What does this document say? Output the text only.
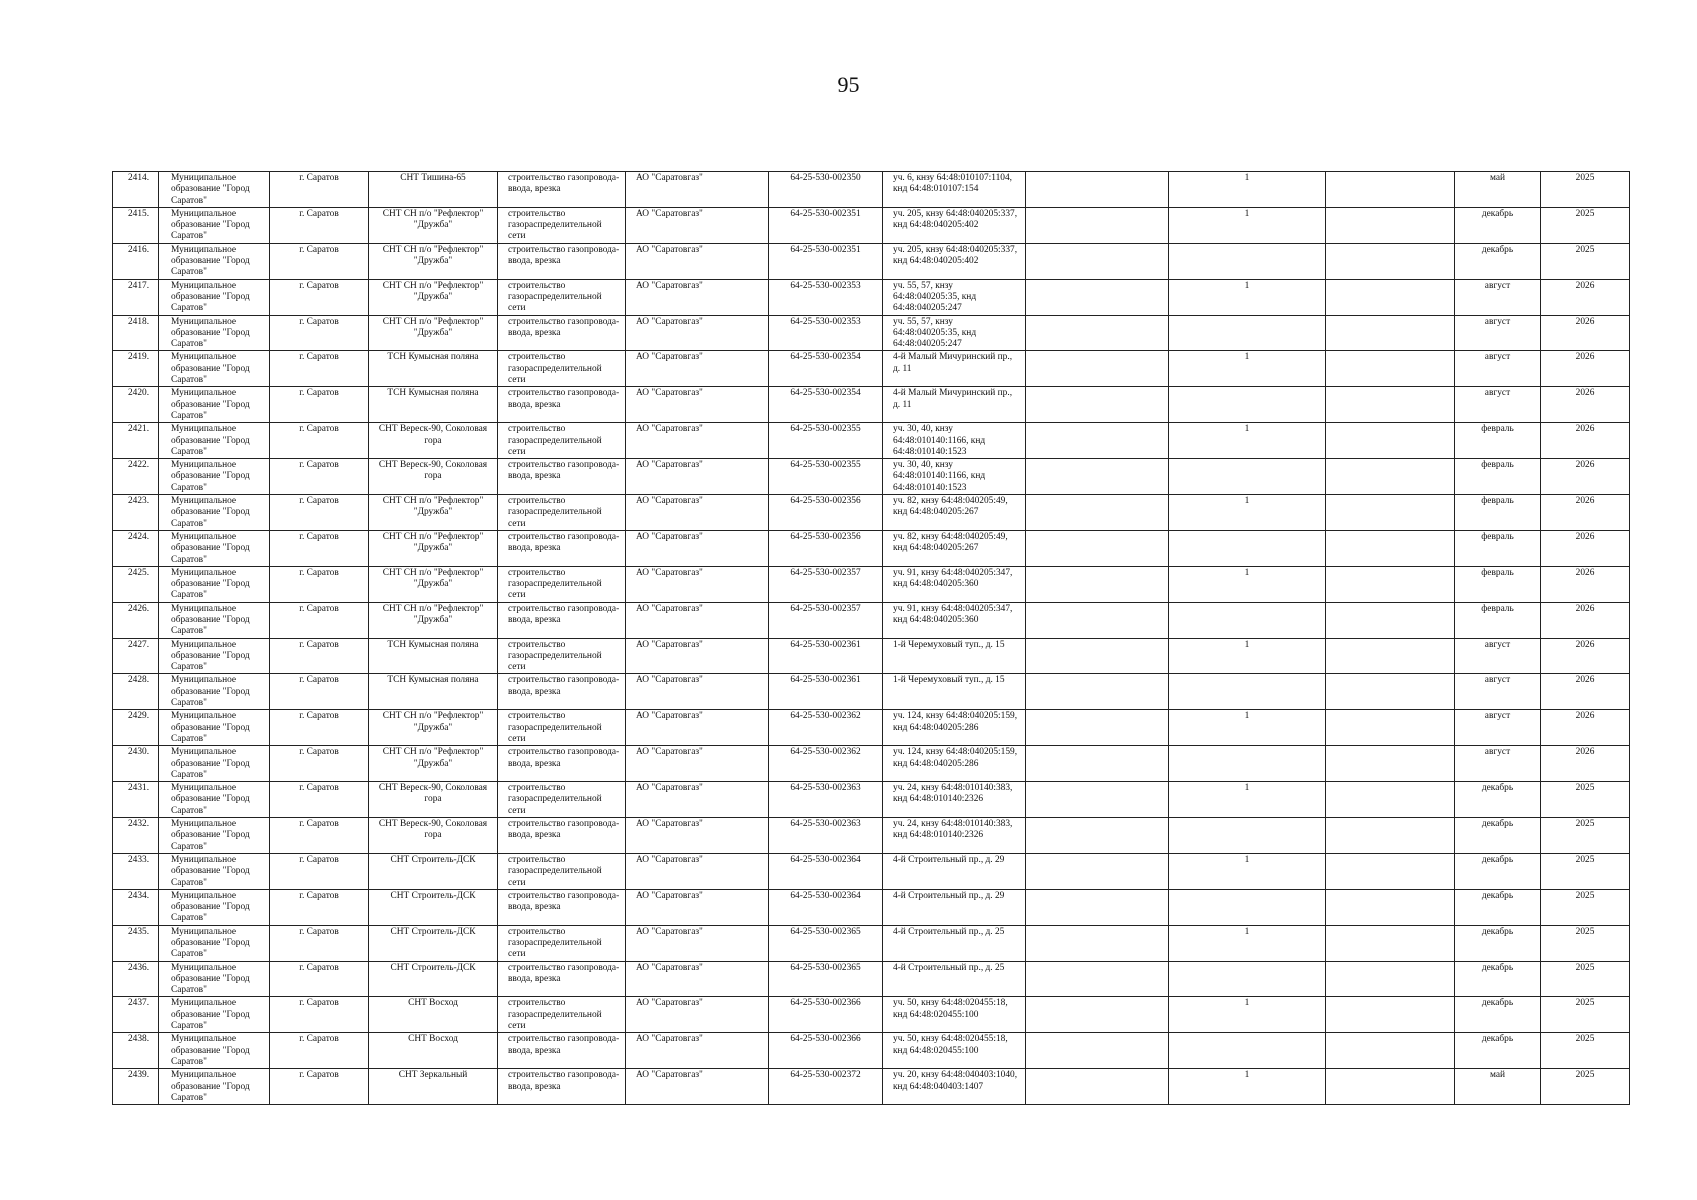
95
2414.	Муниципальное образование "Город Саратов"	г. Саратов	СНТ Тишина-65	строительство газопровода-ввода, врезка	АО "Саратовгаз"	64-25-530-002350	уч. 6, кнзу 64:48:010107:1104, кнд 64:48:010107:154		1		май	2025

2415.	Муниципальное образование "Город Саратов"	г. Саратов	СНТ СН п/о "Рефлектор" "Дружба"	строительство газораспределительной сети	АО "Саратовгаз"	64-25-530-002351	уч. 205, кнзу 64:48:040205:337, кнд 64:48:040205:402		1		декабрь	2025

2416.	Муниципальное образование "Город Саратов"	г. Саратов	СНТ СН п/о "Рефлектор" "Дружба"	строительство газопровода-ввода, врезка	АО "Саратовгаз"	64-25-530-002351	уч. 205, кнзу 64:48:040205:337, кнд 64:48:040205:402				декабрь	2025

2417.	Муниципальное образование "Город Саратов"	г. Саратов	СНТ СН п/о "Рефлектор" "Дружба"	строительство газораспределительной сети	АО "Саратовгаз"	64-25-530-002353	уч. 55, 57, кнзу 64:48:040205:35, кнд 64:48:040205:247		1		август	2026

2418.	Муниципальное образование "Город Саратов"	г. Саратов	СНТ СН п/о "Рефлектор" "Дружба"	строительство газопровода-ввода, врезка	АО "Саратовгаз"	64-25-530-002353	уч. 55, 57, кнзу 64:48:040205:35, кнд 64:48:040205:247				август	2026

2419.	Муниципальное образование "Город Саратов"	г. Саратов	ТСН Кумысная поляна	строительство газораспределительной сети	АО "Саратовгаз"	64-25-530-002354	4-й Малый Мичуринский пр., д. 11		1		август	2026

2420.	Муниципальное образование "Город Саратов"	г. Саратов	ТСН Кумысная поляна	строительство газопровода-ввода, врезка	АО "Саратовгаз"	64-25-530-002354	4-й Малый Мичуринский пр., д. 11				август	2026

2421.	Муниципальное образование "Город Саратов"	г. Саратов	СНТ Вереск-90, Соколовая гора	строительство газораспределительной сети	АО "Саратовгаз"	64-25-530-002355	уч. 30, 40, кнзу 64:48:010140:1166, кнд 64:48:010140:1523		1		февраль	2026

2422.	Муниципальное образование "Город Саратов"	г. Саратов	СНТ Вереск-90, Соколовая гора	строительство газопровода-ввода, врезка	АО "Саратовгаз"	64-25-530-002355	уч. 30, 40, кнзу 64:48:010140:1166, кнд 64:48:010140:1523				февраль	2026

2423.	Муниципальное образование "Город Саратов"	г. Саратов	СНТ СН п/о "Рефлектор" "Дружба"	строительство газораспределительной сети	АО "Саратовгаз"	64-25-530-002356	уч. 82, кнзу 64:48:040205:49, кнд 64:48:040205:267		1		февраль	2026

2424.	Муниципальное образование "Город Саратов"	г. Саратов	СНТ СН п/о "Рефлектор" "Дружба"	строительство газопровода-ввода, врезка	АО "Саратовгаз"	64-25-530-002356	уч. 82, кнзу 64:48:040205:49, кнд 64:48:040205:267				февраль	2026

2425.	Муниципальное образование "Город Саратов"	г. Саратов	СНТ СН п/о "Рефлектор" "Дружба"	строительство газораспределительной сети	АО "Саратовгаз"	64-25-530-002357	уч. 91, кнзу 64:48:040205:347, кнд 64:48:040205:360		1		февраль	2026

2426.	Муниципальное образование "Город Саратов"	г. Саратов	СНТ СН п/о "Рефлектор" "Дружба"	строительство газопровода-ввода, врезка	АО "Саратовгаз"	64-25-530-002357	уч. 91, кнзу 64:48:040205:347, кнд 64:48:040205:360				февраль	2026

2427.	Муниципальное образование "Город Саратов"	г. Саратов	ТСН Кумысная поляна	строительство газораспределительной сети	АО "Саратовгаз"	64-25-530-002361	1-й Черемуховый туп., д. 15		1		август	2026

2428.	Муниципальное образование "Город Саратов"	г. Саратов	ТСН Кумысная поляна	строительство газопровода-ввода, врезка	АО "Саратовгаз"	64-25-530-002361	1-й Черемуховый туп., д. 15				август	2026

2429.	Муниципальное образование "Город Саратов"	г. Саратов	СНТ СН п/о "Рефлектор" "Дружба"	строительство газораспределительной сети	АО "Саратовгаз"	64-25-530-002362	уч. 124, кнзу 64:48:040205:159, кнд 64:48:040205:286		1		август	2026

2430.	Муниципальное образование "Город Саратов"	г. Саратов	СНТ СН п/о "Рефлектор" "Дружба"	строительство газопровода-ввода, врезка	АО "Саратовгаз"	64-25-530-002362	уч. 124, кнзу 64:48:040205:159, кнд 64:48:040205:286				август	2026

2431.	Муниципальное образование "Город Саратов"	г. Саратов	СНТ Вереск-90, Соколовая гора	строительство газораспределительной сети	АО "Саратовгаз"	64-25-530-002363	уч. 24, кнзу 64:48:010140:383, кнд 64:48:010140:2326		1		декабрь	2025

2432.	Муниципальное образование "Город Саратов"	г. Саратов	СНТ Вереск-90, Соколовая гора	строительство газопровода-ввода, врезка	АО "Саратовгаз"	64-25-530-002363	уч. 24, кнзу 64:48:010140:383, кнд 64:48:010140:2326				декабрь	2025

2433.	Муниципальное образование "Город Саратов"	г. Саратов	СНТ Строитель-ДСК	строительство газораспределительной сети	АО "Саратовгаз"	64-25-530-002364	4-й Строительный пр., д. 29		1		декабрь	2025

2434.	Муниципальное образование "Город Саратов"	г. Саратов	СНТ Строитель-ДСК	строительство газопровода-ввода, врезка	АО "Саратовгаз"	64-25-530-002364	4-й Строительный пр., д. 29				декабрь	2025

2435.	Муниципальное образование "Город Саратов"	г. Саратов	СНТ Строитель-ДСК	строительство газораспределительной сети	АО "Саратовгаз"	64-25-530-002365	4-й Строительный пр., д. 25		1		декабрь	2025

2436.	Муниципальное образование "Город Саратов"	г. Саратов	СНТ Строитель-ДСК	строительство газопровода-ввода, врезка	АО "Саратовгаз"	64-25-530-002365	4-й Строительный пр., д. 25				декабрь	2025

2437.	Муниципальное образование "Город Саратов"	г. Саратов	СНТ Восход	строительство газораспределительной сети	АО "Саратовгаз"	64-25-530-002366	уч. 50, кнзу 64:48:020455:18, кнд 64:48:020455:100		1		декабрь	2025

2438.	Муниципальное образование "Город Саратов"	г. Саратов	СНТ Восход	строительство газопровода-ввода, врезка	АО "Саратовгаз"	64-25-530-002366	уч. 50, кнзу 64:48:020455:18, кнд 64:48:020455:100				декабрь	2025

2439.	Муниципальное образование "Город Саратов"	г. Саратов	СНТ Зеркальный	строительство газопровода-ввода, врезка	АО "Саратовгаз"	64-25-530-002372	уч. 20, кнзу 64:48:040403:1040, кнд 64:48:040403:1407		1		май	2025
